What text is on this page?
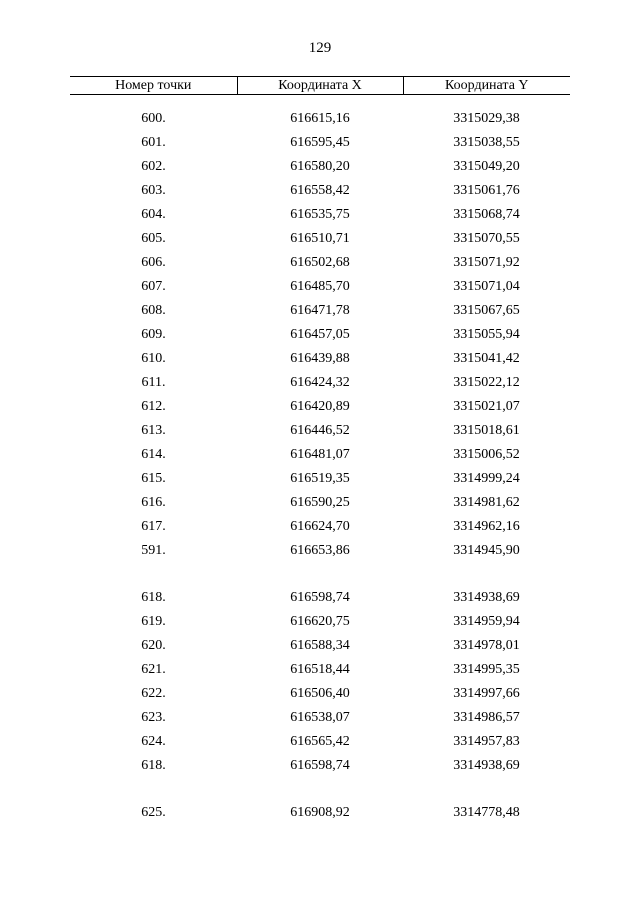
129
Номер точки	Координата X	Координата Y

600.	616615,16	3315029,38
601.	616595,45	3315038,55
602.	616580,20	3315049,20
603.	616558,42	3315061,76
604.	616535,75	3315068,74
605.	616510,71	3315070,55
606.	616502,68	3315071,92
607.	616485,70	3315071,04
608.	616471,78	3315067,65
609.	616457,05	3315055,94
610.	616439,88	3315041,42
611.	616424,32	3315022,12
612.	616420,89	3315021,07
613.	616446,52	3315018,61
614.	616481,07	3315006,52
615.	616519,35	3314999,24
616.	616590,25	3314981,62
617.	616624,70	3314962,16
591.	616653,86	3314945,90

618.	616598,74	3314938,69
619.	616620,75	3314959,94
620.	616588,34	3314978,01
621.	616518,44	3314995,35
622.	616506,40	3314997,66
623.	616538,07	3314986,57
624.	616565,42	3314957,83
618.	616598,74	3314938,69

625.	616908,92	3314778,48
